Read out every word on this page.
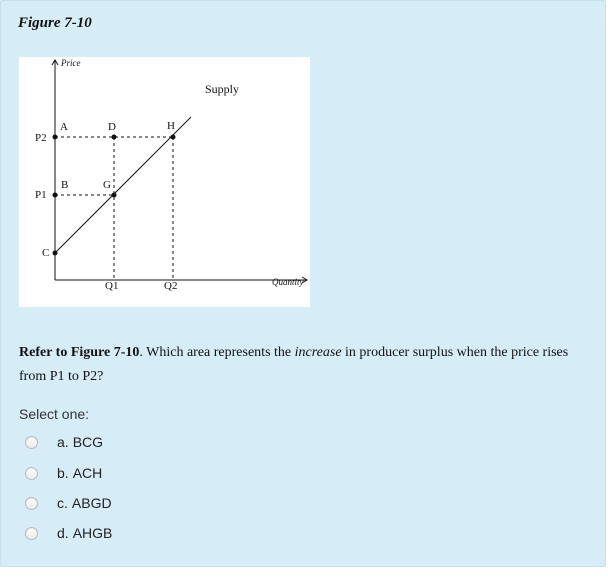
Figure 7-10
Price
Supply
Quantity
P2
P1
C
Q1	Q2
A	D	H
B	G
Refer to Figure 7-10. Which area represents the increase in producer surplus when the price rises from P1 to P2?
Select one:
a. BCG
b. ACH
c. ABGD
d. AHGB
